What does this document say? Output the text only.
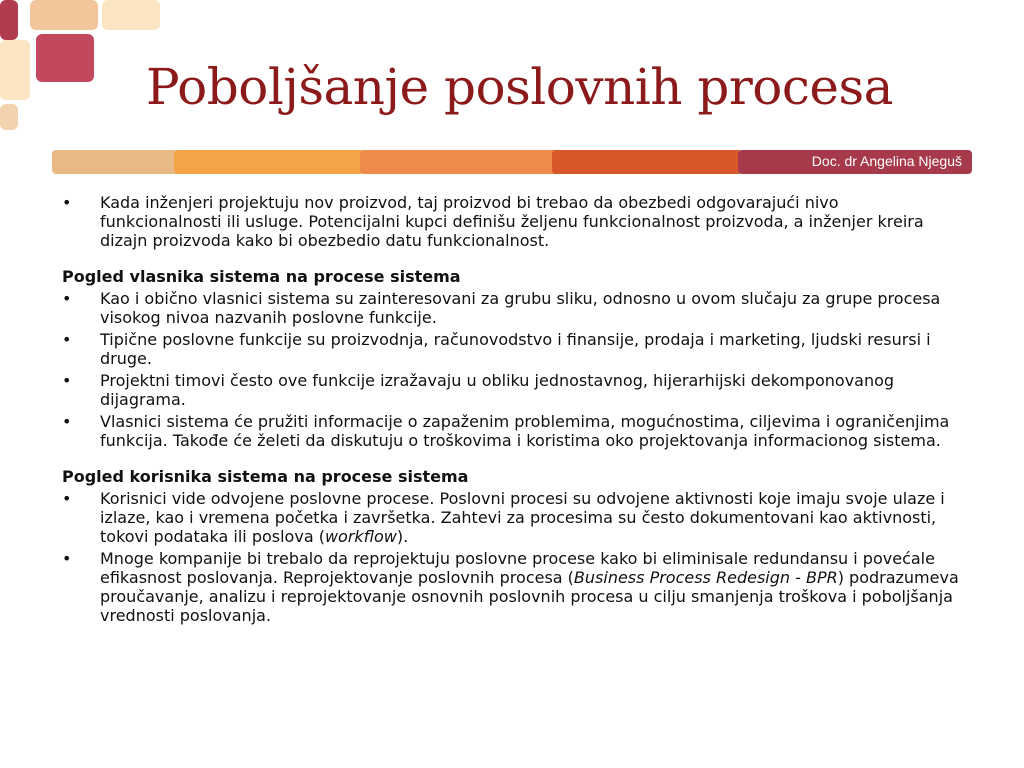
Poboljšanje poslovnih procesa
Doc. dr Angelina Njeguš
• Kada inženjeri projektuju nov proizvod, taj proizvod bi trebao da obezbedi odgovarajući nivo funkcionalnosti ili usluge. Potencijalni kupci definišu željenu funkcionalnost proizvoda, a inženjer kreira dizajn proizvoda kako bi obezbedio datu funkcionalnost.
Pogled vlasnika sistema na procese sistema
• Kao i obično vlasnici sistema su zainteresovani za grubu sliku, odnosno u ovom slučaju za grupe procesa visokog nivoa nazvanih poslovne funkcije.
• Tipične poslovne funkcije su proizvodnja, računovodstvo i finansije, prodaja i marketing, ljudski resursi i druge.
• Projektni timovi često ove funkcije izražavaju u obliku jednostavnog, hijerarhijski dekomponovanog dijagrama.
• Vlasnici sistema će pružiti informacije o zapaženim problemima, mogućnostima, ciljevima i ograničenjima funkcija. Takođe će želeti da diskutuju o troškovima i koristima oko projektovanja informacionog sistema.
Pogled korisnika sistema na procese sistema
• Korisnici vide odvojene poslovne procese. Poslovni procesi su odvojene aktivnosti koje imaju svoje ulaze i izlaze, kao i vremena početka i završetka. Zahtevi za procesima su često dokumentovani kao aktivnosti, tokovi podataka ili poslova (workflow).
• Mnoge kompanije bi trebalo da reprojektuju poslovne procese kako bi eliminisale redundansu i povećale efikasnost poslovanja. Reprojektovanje poslovnih procesa (Business Process Redesign - BPR) podrazumeva proučavanje, analizu i reprojektovanje osnovnih poslovnih procesa u cilju smanjenja troškova i poboljšanja vrednosti poslovanja.
